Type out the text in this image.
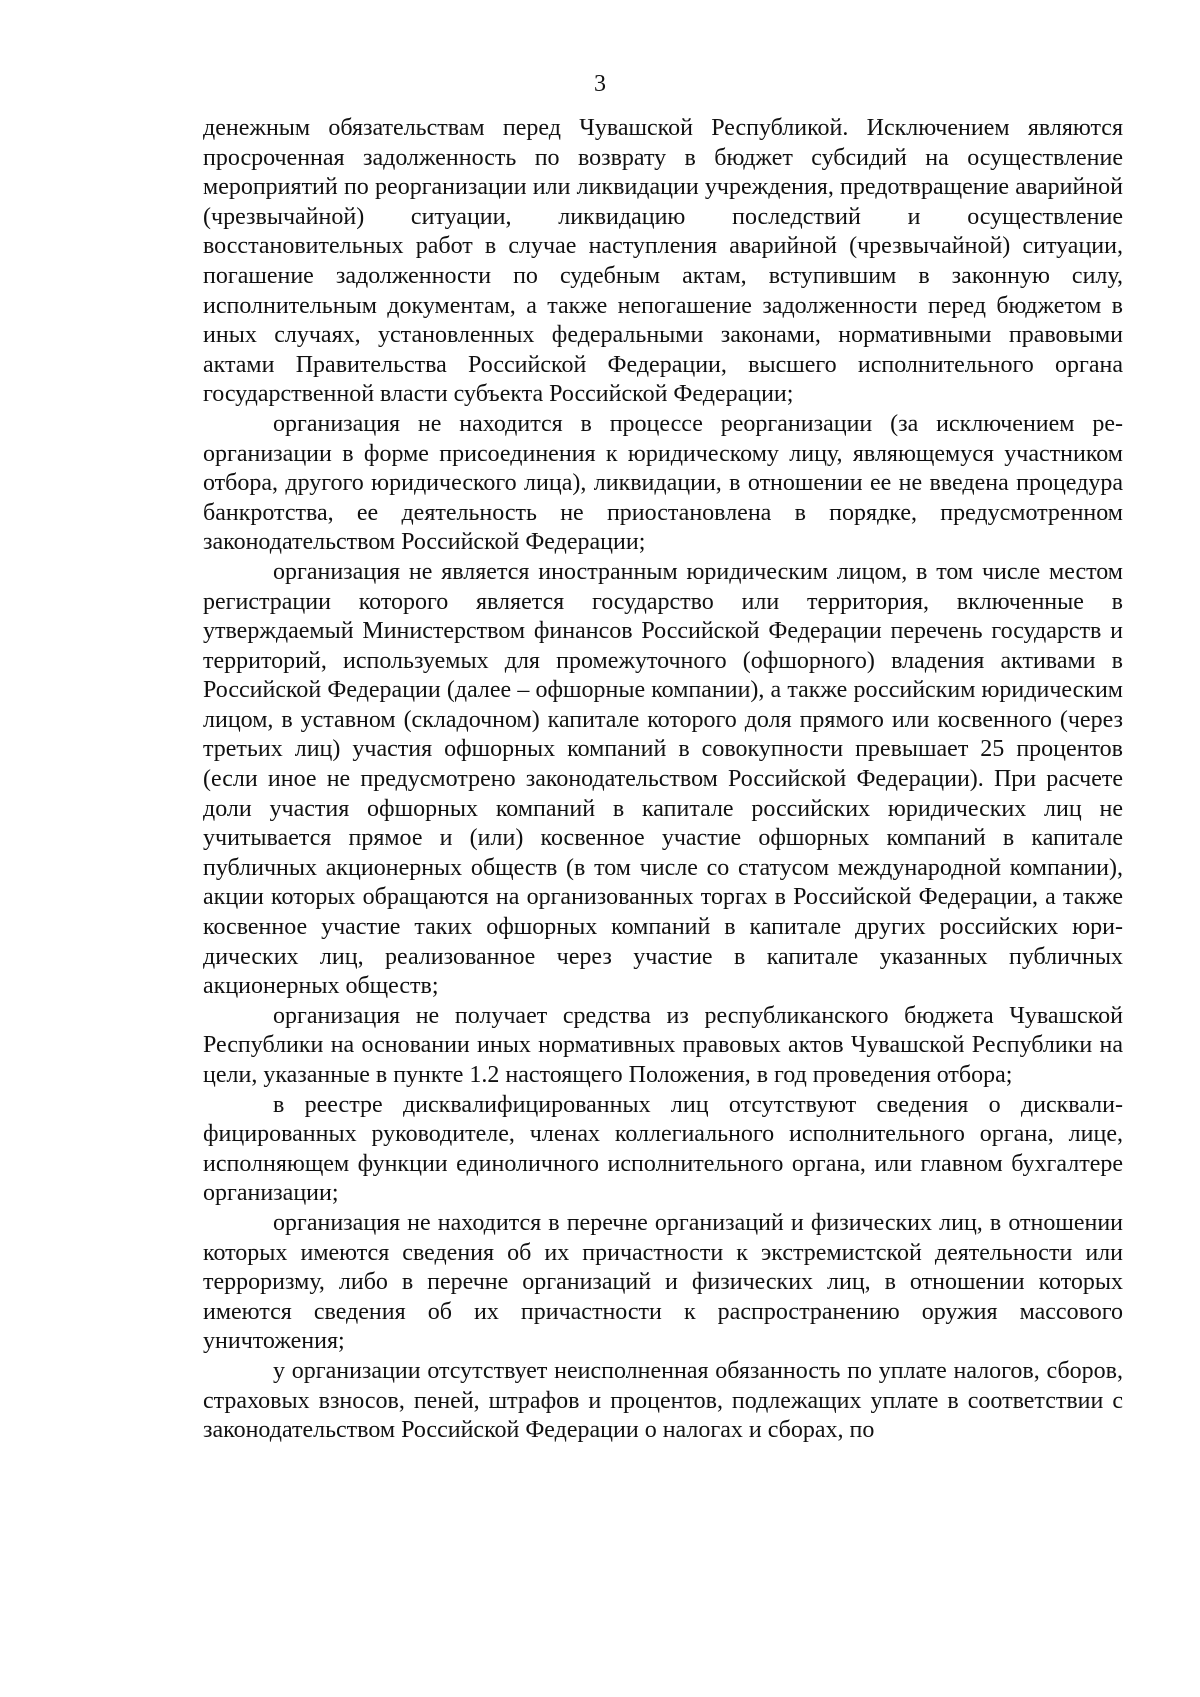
3

денежным обязательствам перед Чувашской Республикой. Исключением являются просроченная задолженность по возврату в бюджет субсидий на осуществление мероприятий по реорганизации или ликвидации учреждения, предотвращение аварийной (чрезвычайной) ситуации, ликвидацию последствий и осуществление восстановительных работ в случае наступления аварийной (чрезвычайной) ситуации, погашение задолженности по судебным актам, вступившим в законную силу, исполнительным документам, а также непогашение задолженности перед бюджетом в иных случаях, установленных федеральными законами, нормативными правовыми актами Правительства Российской Федерации, высшего исполнительного органа государственной власти субъекта Российской Федерации;

организация не находится в процессе реорганизации (за исключением реорганизации в форме присоединения к юридическому лицу, являющемуся участником отбора, другого юридического лица), ликвидации, в отношении ее не введена процедура банкротства, ее деятельность не приостановлена в порядке, предусмотренном законодательством Российской Федерации;

организация не является иностранным юридическим лицом, в том числе местом регистрации которого является государство или территория, включенные в утверждаемый Министерством финансов Российской Федерации перечень государств и территорий, используемых для промежуточного (офшорного) владения активами в Российской Федерации (далее – офшорные компании), а также российским юридическим лицом, в уставном (складочном) капитале которого доля прямого или косвенного (через третьих лиц) участия офшорных компаний в совокупности превышает 25 процентов (если иное не предусмотрено законодательством Российской Федерации). При расчете доли участия офшорных компаний в капитале российских юридических лиц не учитывается прямое и (или) косвенное участие офшорных компаний в капитале публичных акционерных обществ (в том числе со статусом международной компании), акции которых обращаются на организованных торгах в Российской Федерации, а также косвенное участие таких офшорных компаний в капитале других российских юридических лиц, реализованное через участие в капитале указанных публичных акционерных обществ;

организация не получает средства из республиканского бюджета Чувашской Республики на основании иных нормативных правовых актов Чувашской Республики на цели, указанные в пункте 1.2 настоящего Положения, в год проведения отбора;

в реестре дисквалифицированных лиц отсутствуют сведения о дисквалифицированных руководителе, членах коллегиального исполнительного органа, лице, исполняющем функции единоличного исполнительного органа, или главном бухгалтере организации;

организация не находится в перечне организаций и физических лиц, в отношении которых имеются сведения об их причастности к экстремистской деятельности или терроризму, либо в перечне организаций и физических лиц, в отношении которых имеются сведения об их причастности к распространению оружия массового уничтожения;

у организации отсутствует неисполненная обязанность по уплате налогов, сборов, страховых взносов, пеней, штрафов и процентов, подлежащих уплате в соответствии с законодательством Российской Федерации о налогах и сборах, по
